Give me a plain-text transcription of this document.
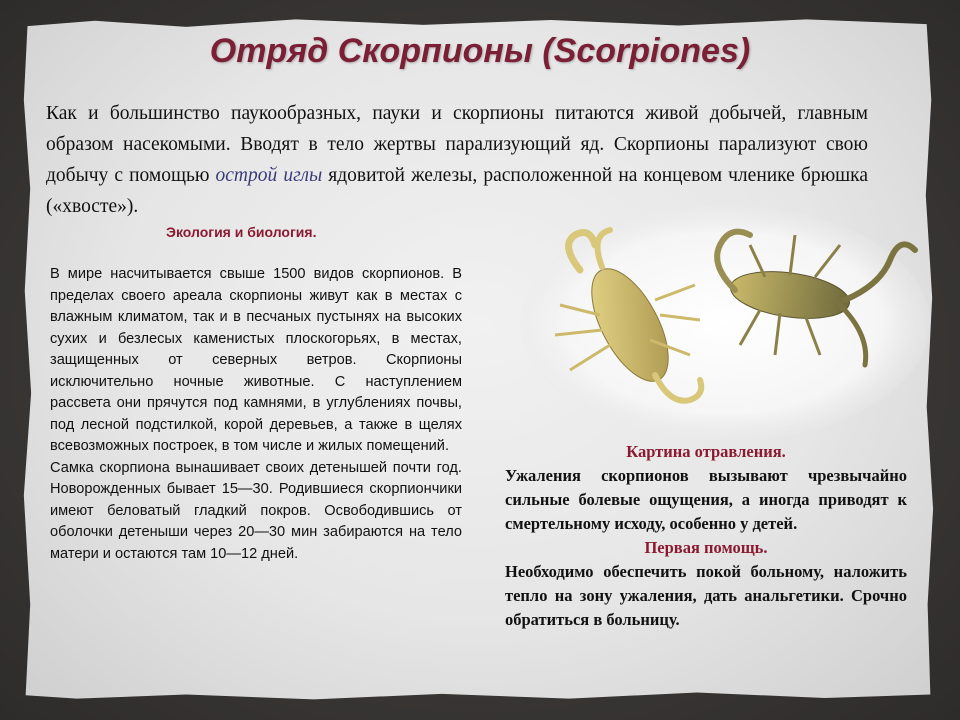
Отряд Скорпионы (Scorpiones)
Как и большинство паукообразных, пауки и скорпионы питаются живой добычей, главным образом насекомыми. Вводят в тело жертвы парализующий яд. Скорпионы парализуют свою добычу с помощью острой иглы ядовитой железы, расположенной на концевом членике брюшка («хвосте»).
Экология и биология.

В мире насчитывается свыше 1500 видов скорпионов. В пределах своего ареала скорпионы живут как в местах с влажным климатом, так и в песчаных пустынях на высоких сухих и безлесых каменистых плоскогорьях, в местах, защищенных от северных ветров. Скорпионы исключительно ночные животные. С наступлением рассвета они прячутся под камнями, в углублениях почвы, под лесной подстилкой, корой деревьев, а также в щелях всевозможных построек, в том числе и жилых помещений.

Самка скорпиона вынашивает своих детенышей почти год. Новорожденных бывает 15—30. Родившиеся скорпиончики имеют беловатый гладкий покров. Освободившись от оболочки детеныши через 20—30 мин забираются на тело матери и остаются там 10—12 дней.

Картина отравления.

Ужаления скорпионов вызывают чрезвычайно сильные болевые ощущения, а иногда приводят к смертельному исходу, особенно у детей.

Первая помощь.

Необходимо обеспечить покой больному, наложить тепло на зону ужаления, дать анальгетики. Срочно обратиться в больницу.
